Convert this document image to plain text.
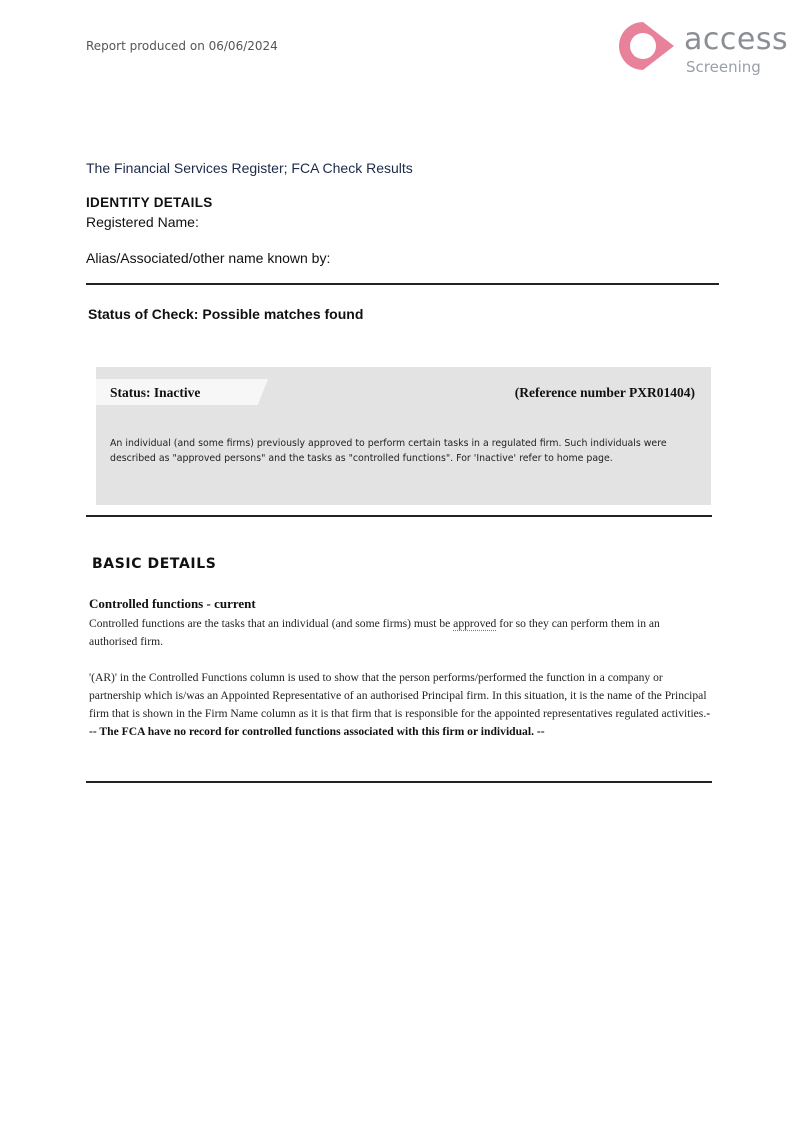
Report produced on 06/06/2024	access
Screening
The Financial Services Register; FCA Check Results
IDENTITY DETAILS
Registered Name:
Alias/Associated/other name known by:
Status of Check: Possible matches found
Status: Inactive	(Reference number PXR01404)
An individual (and some firms) previously approved to perform certain tasks in a regulated firm. Such individuals were described as "approved persons" and the tasks as "controlled functions". For 'Inactive' refer to home page.
BASIC DETAILS
Controlled functions - current
Controlled functions are the tasks that an individual (and some firms) must be approved for so they can perform them in an authorised firm.
'(AR)' in the Controlled Functions column is used to show that the person performs/performed the function in a company or partnership which is/was an Appointed Representative of an authorised Principal firm. In this situation, it is the name of the Principal firm that is shown in the Firm Name column as it is that firm that is responsible for the appointed representatives regulated activities.--- The FCA have no record for controlled functions associated with this firm or individual. --
